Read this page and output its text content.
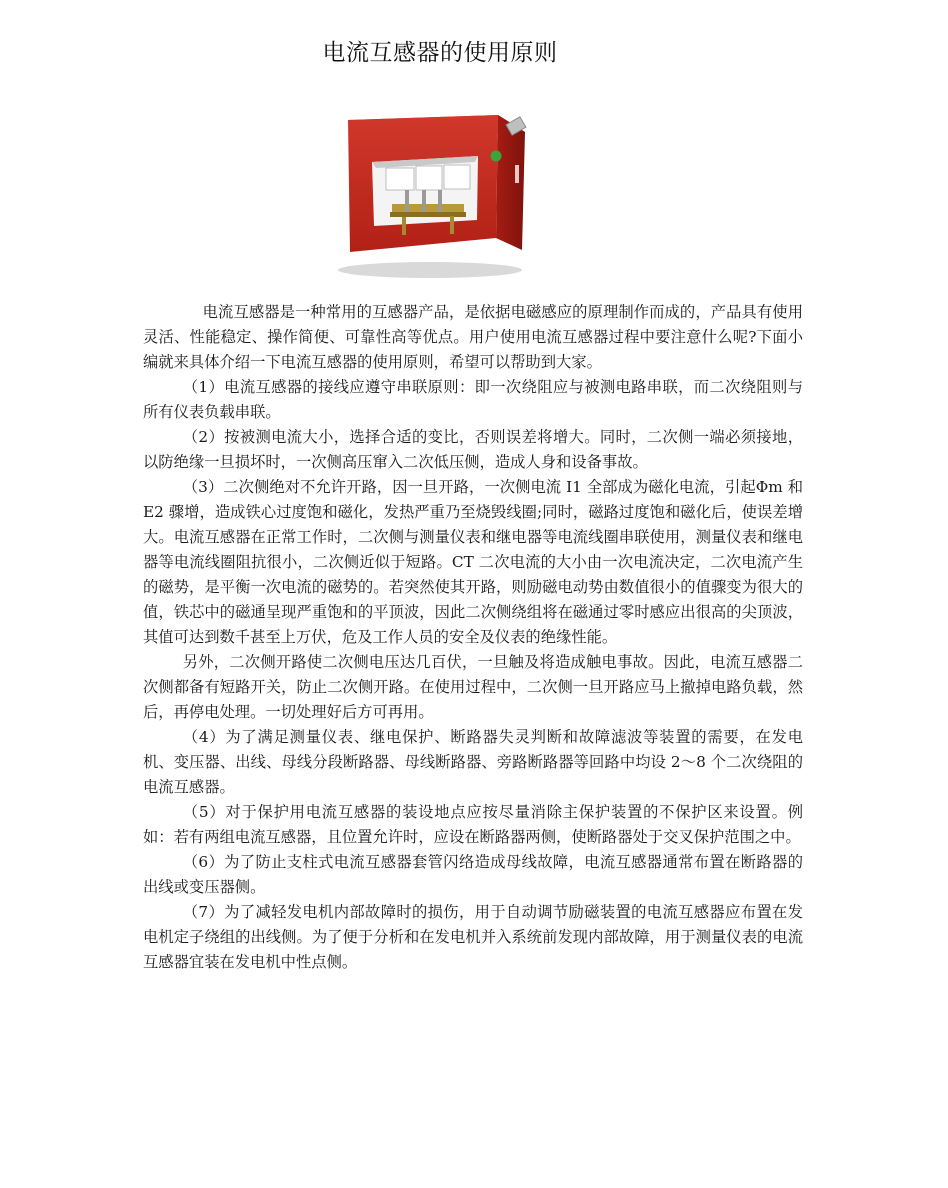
电流互感器的使用原则

电流互感器是一种常用的互感器产品，是依据电磁感应的原理制作而成的，产品具有使用灵活、性能稳定、操作简便、可靠性高等优点。用户使用电流互感器过程中要注意什么呢?下面小编就来具体介绍一下电流互感器的使用原则，希望可以帮助到大家。

（1）电流互感器的接线应遵守串联原则：即一次绕阻应与被测电路串联，而二次绕阻则与所有仪表负载串联。

（2）按被测电流大小，选择合适的变比，否则误差将增大。同时，二次侧一端必须接地，以防绝缘一旦损坏时，一次侧高压窜入二次低压侧，造成人身和设备事故。

（3）二次侧绝对不允许开路，因一旦开路，一次侧电流 I1 全部成为磁化电流，引起Φm 和 E2 骤增，造成铁心过度饱和磁化，发热严重乃至烧毁线圈;同时，磁路过度饱和磁化后，使误差增大。电流互感器在正常工作时，二次侧与测量仪表和继电器等电流线圈串联使用，测量仪表和继电器等电流线圈阻抗很小，二次侧近似于短路。CT 二次电流的大小由一次电流决定，二次电流产生的磁势，是平衡一次电流的磁势的。若突然使其开路，则励磁电动势由数值很小的值骤变为很大的值，铁芯中的磁通呈现严重饱和的平顶波，因此二次侧绕组将在磁通过零时感应出很高的尖顶波，其值可达到数千甚至上万伏，危及工作人员的安全及仪表的绝缘性能。

另外，二次侧开路使二次侧电压达几百伏，一旦触及将造成触电事故。因此，电流互感器二次侧都备有短路开关，防止二次侧开路。在使用过程中，二次侧一旦开路应马上撤掉电路负载，然后，再停电处理。一切处理好后方可再用。

（4）为了满足测量仪表、继电保护、断路器失灵判断和故障滤波等装置的需要，在发电机、变压器、出线、母线分段断路器、母线断路器、旁路断路器等回路中均设 2～8 个二次绕阻的电流互感器。

（5）对于保护用电流互感器的装设地点应按尽量消除主保护装置的不保护区来设置。例如：若有两组电流互感器，且位置允许时，应设在断路器两侧，使断路器处于交叉保护范围之中。

（6）为了防止支柱式电流互感器套管闪络造成母线故障，电流互感器通常布置在断路器的出线或变压器侧。

（7）为了减轻发电机内部故障时的损伤，用于自动调节励磁装置的电流互感器应布置在发电机定子绕组的出线侧。为了便于分析和在发电机并入系统前发现内部故障，用于测量仪表的电流互感器宜装在发电机中性点侧。
